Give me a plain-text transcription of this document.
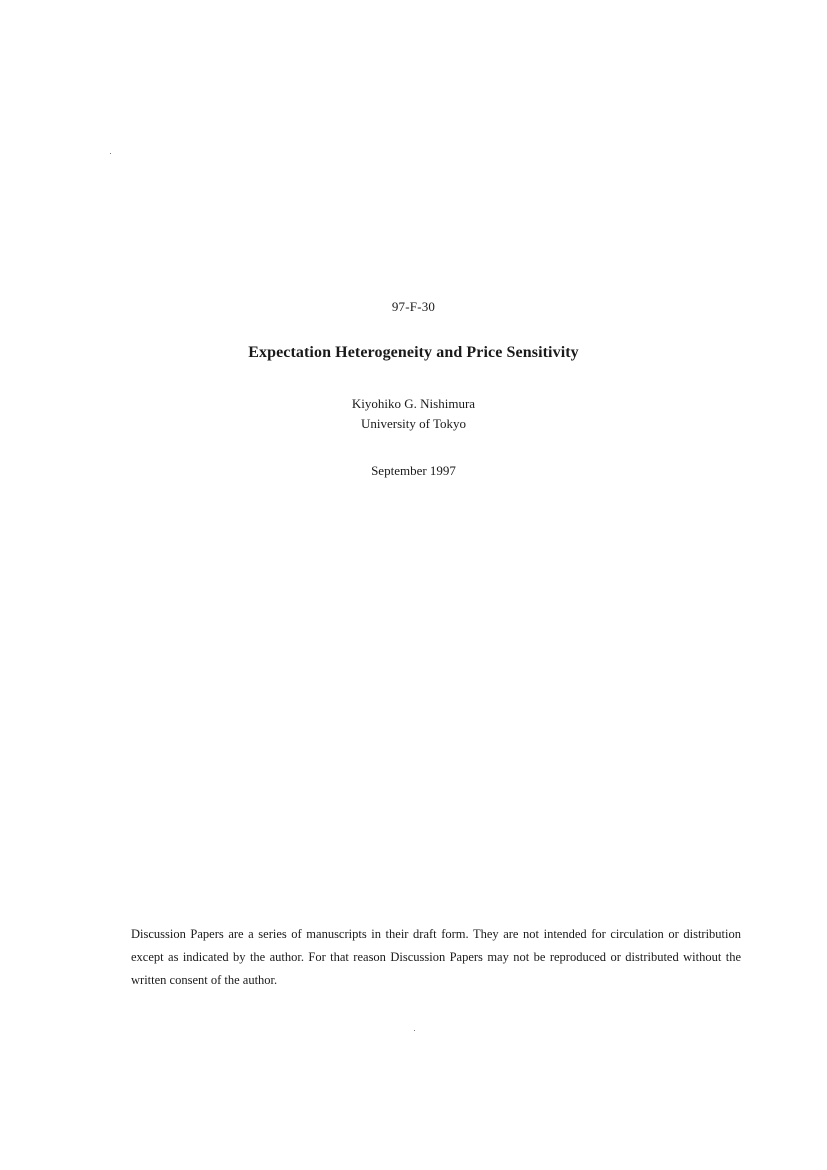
97-F-30
Expectation Heterogeneity and Price Sensitivity
Kiyohiko G. Nishimura
University of Tokyo
September 1997

Discussion Papers are a series of manuscripts in their draft form. They are not intended for circulation or distribution except as indicated by the author. For that reason Discussion Papers may not be reproduced or distributed without the written consent of the author.
